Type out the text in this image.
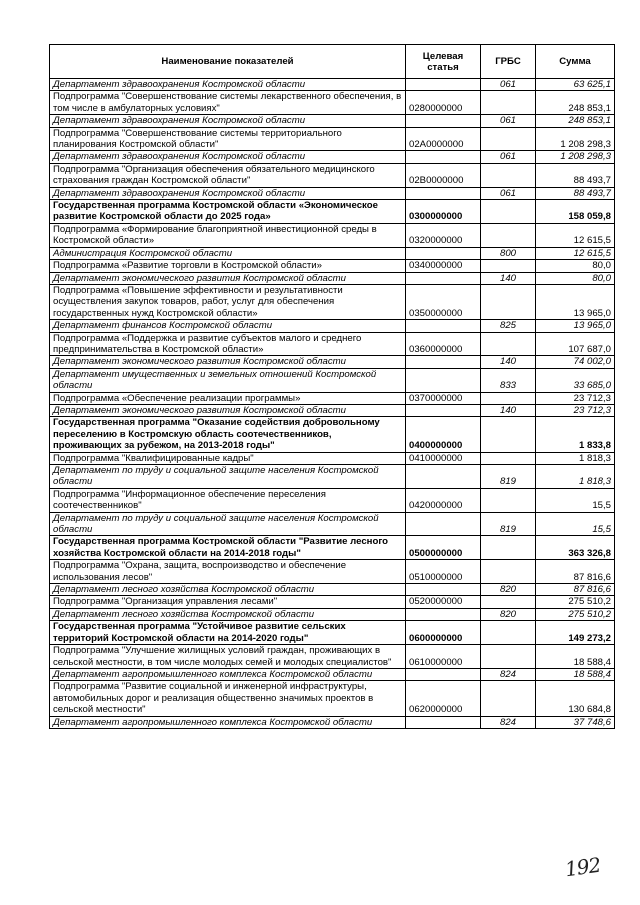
Наименование показателей	Целевая статья	ГРБС	Сумма
Департамент здравоохранения Костромской области		061	63 625,1
Подпрограмма "Совершенствование системы лекарственного обеспечения, в том числе в амбулаторных условиях"	0280000000		248 853,1
Департамент здравоохранения Костромской области		061	248 853,1
Подпрограмма "Совершенствование системы территориального планирования Костромской области"	02А0000000		1 208 298,3
Департамент здравоохранения Костромской области		061	1 208 298,3
Подпрограмма "Организация обеспечения обязательного медицинского страхования граждан Костромской области"	02В0000000		88 493,7
Департамент здравоохранения Костромской области		061	88 493,7
Государственная программа Костромской области «Экономическое развитие Костромской области до 2025 года»	0300000000		158 059,8
Подпрограмма «Формирование благоприятной инвестиционной среды в Костромской области»	0320000000		12 615,5
Администрация Костромской области		800	12 615,5
Подпрограмма «Развитие торговли в Костромской области»	0340000000		80,0
Департамент экономического развития Костромской области		140	80,0
Подпрограмма «Повышение эффективности и результативности осуществления закупок товаров, работ, услуг для обеспечения государственных нужд Костромской области»	0350000000		13 965,0
Департамент финансов Костромской области		825	13 965,0
Подпрограмма «Поддержка и развитие субъектов малого и среднего предпринимательства в Костромской области»	0360000000		107 687,0
Департамент экономического развития Костромской области		140	74 002,0
Департамент имущественных и земельных отношений Костромской области		833	33 685,0
Подпрограмма «Обеспечение реализации программы»	0370000000		23 712,3
Департамент экономического развития Костромской области		140	23 712,3
Государственная программа "Оказание содействия добровольному переселению в Костромскую область соотечественников, проживающих за рубежом, на 2013-2018 годы"	0400000000		1 833,8
Подпрограмма "Квалифицированные кадры"	0410000000		1 818,3
Департамент по труду и социальной защите населения Костромской области		819	1 818,3
Подпрограмма "Информационное обеспечение переселения соотечественников"	0420000000		15,5
Департамент по труду и социальной защите населения Костромской области		819	15,5
Государственная программа Костромской области "Развитие лесного хозяйства Костромской области на 2014-2018 годы"	0500000000		363 326,8
Подпрограмма "Охрана, защита, воспроизводство и обеспечение использования лесов"	0510000000		87 816,6
Департамент лесного хозяйства Костромской области		820	87 816,6
Подпрограмма "Организация управления лесами"	0520000000		275 510,2
Департамент лесного хозяйства Костромской области		820	275 510,2
Государственная программа "Устойчивое развитие сельских территорий Костромской области на 2014-2020 годы"	0600000000		149 273,2
Подпрограмма "Улучшение жилищных условий граждан, проживающих в сельской местности, в том числе молодых семей и молодых специалистов"	0610000000		18 588,4
Департамент агропромышленного комплекса Костромской области		824	18 588,4
Подпрограмма "Развитие социальной и инженерной инфраструктуры, автомобильных дорог и реализация общественно значимых проектов в сельской местности"	0620000000		130 684,8
Департамент агропромышленного комплекса Костромской области		824	37 748,6
192
